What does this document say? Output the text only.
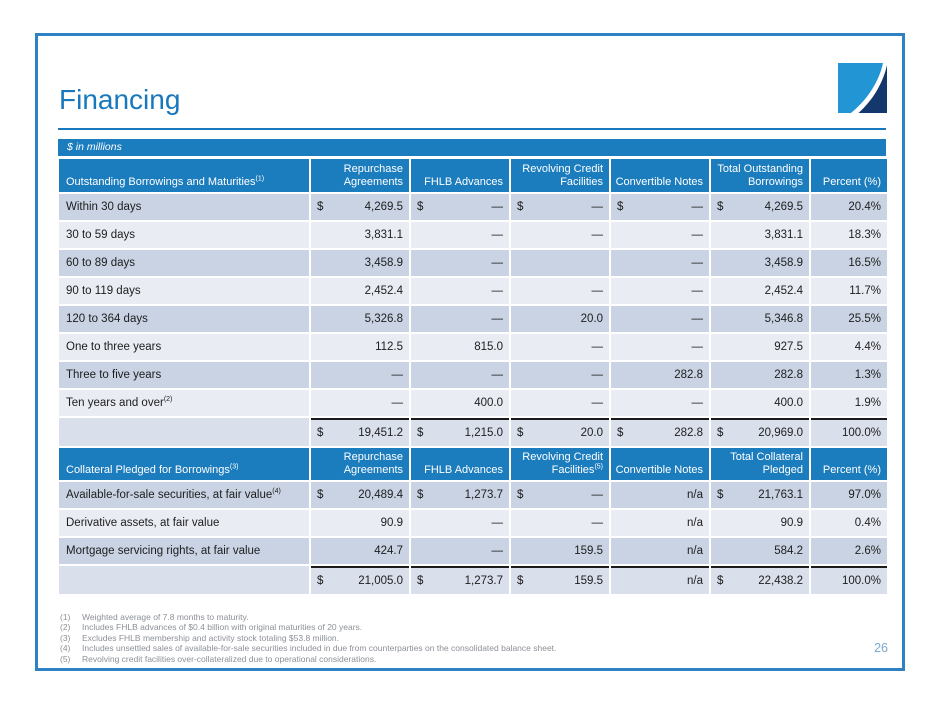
Financing
$ in millions
Outstanding Borrowings and Maturities$^{(1)}$	Repurchase Agreements	FHLB Advances	Revolving Credit Facilities	Convertible Notes	Total Outstanding Borrowings	Percent (%)
Within 30 days	$ 4,269.5	$ —	$ —	$ —	$ 4,269.5	20.4%
30 to 59 days	3,831.1	—	—	—	3,831.1	18.3%
60 to 89 days	3,458.9	—		—	3,458.9	16.5%
90 to 119 days	2,452.4	—	—	—	2,452.4	11.7%
120 to 364 days	5,326.8	—	20.0	—	5,346.8	25.5%
One to three years	112.5	815.0	—	—	927.5	4.4%
Three to five years	—	—	—	282.8	282.8	1.3%
Ten years and over$^{(2)}$	—	400.0	—	—	400.0	1.9%

	$ 19,451.2	$ 1,215.0	$ 20.0	$ 282.8	$ 20,969.0	100.0%
Collateral Pledged for Borrowings$^{(3)}$	Repurchase Agreements	FHLB Advances	Revolving Credit Facilities$^{(5)}$	Convertible Notes	Total Collateral Pledged	Percent (%)
Available-for-sale securities, at fair value$^{(4)}$	$ 20,489.4	$ 1,273.7	$ —	n/a	$ 21,763.1	97.0%
Derivative assets, at fair value	90.9	—	—	n/a	90.9	0.4%
Mortgage servicing rights, at fair value	424.7	—	159.5	n/a	584.2	2.6%

	$ 21,005.0	$ 1,273.7	$ 159.5	n/a	$ 22,438.2	100.0%
(1) Weighted average of 7.8 months to maturity.
(2) Includes FHLB advances of $0.4 billion with original maturities of 20 years.
(3) Excludes FHLB membership and activity stock totaling $53.8 million.
(4) Includes unsettled sales of available-for-sale securities included in due from counterparties on the consolidated balance sheet.
(5) Revolving credit facilities over-collateralized due to operational considerations.
26
